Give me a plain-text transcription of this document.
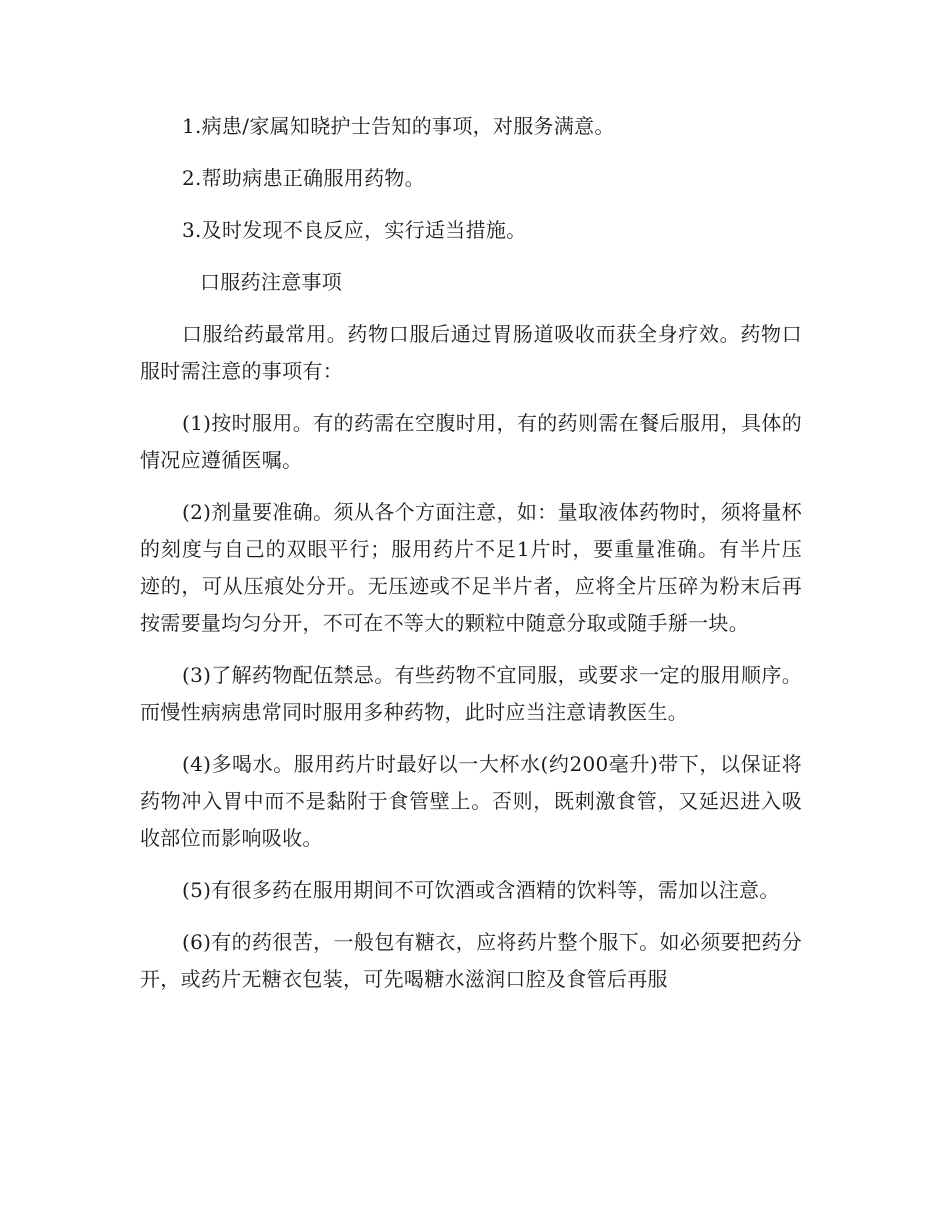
1.病患/家属知晓护士告知的事项，对服务满意。

2.帮助病患正确服用药物。

3.及时发现不良反应，实行适当措施。

口服药注意事项

口服给药最常用。药物口服后通过胃肠道吸收而获全身疗效。药物口服时需注意的事项有：

(1)按时服用。有的药需在空腹时用，有的药则需在餐后服用，具体的情况应遵循医嘱。

(2)剂量要准确。须从各个方面注意，如：量取液体药物时，须将量杯的刻度与自己的双眼平行；服用药片不足1片时，要重量准确。有半片压迹的，可从压痕处分开。无压迹或不足半片者，应将全片压碎为粉末后再按需要量均匀分开，不可在不等大的颗粒中随意分取或随手掰一块。

(3)了解药物配伍禁忌。有些药物不宜同服，或要求一定的服用顺序。而慢性病病患常同时服用多种药物，此时应当注意请教医生。

(4)多喝水。服用药片时最好以一大杯水(约200毫升)带下，以保证将药物冲入胃中而不是黏附于食管壁上。否则，既刺激食管，又延迟进入吸收部位而影响吸收。

(5)有很多药在服用期间不可饮酒或含酒精的饮料等，需加以注意。

(6)有的药很苦，一般包有糖衣，应将药片整个服下。如必须要把药分开，或药片无糖衣包装，可先喝糖水滋润口腔及食管后再服
